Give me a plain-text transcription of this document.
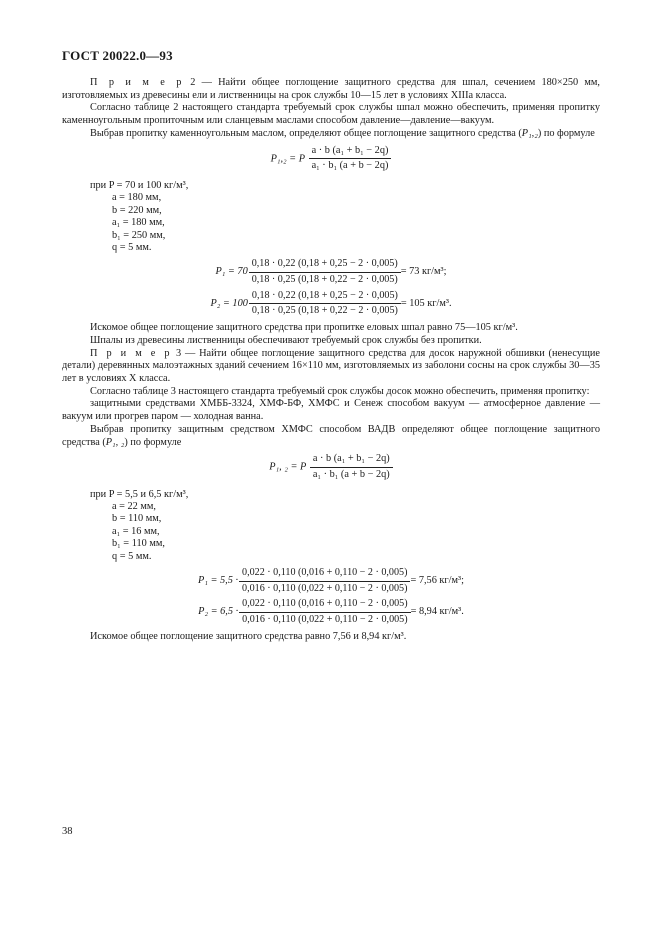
ГОСТ 20022.0—93

П р и м е р 2 — Найти общее поглощение защитного средства для шпал, сечением 180×250 мм, изготовляемых из древесины ели и лиственницы на срок службы 10—15 лет в условиях XIIIа класса.

Согласно таблице 2 настоящего стандарта требуемый срок службы шпал можно обеспечить, применяя пропитку каменноугольным пропиточным или сланцевым маслами способом давление—давление—вакуум.

Выбрав пропитку каменноугольным маслом, определяют общее поглощение защитного средства (P₁,₂) по формуле

P₁,₂ = P $\frac{\text{a · b (a₁ + b₁ − 2q)}}{\text{a₁ · b₁ (a + b − 2q)}}$
при P = 70 и 100 кг/м³,
a = 180 мм,
b = 220 мм,
a₁ = 180 мм,
b₁ = 250 мм,
q = 5 мм.
$P_1 = 70 \frac{0,18 \cdot 0,22 (0,18 + 0,25 - 2 \cdot 0,005)}{0,18 \cdot 0,25 (0,18 + 0,22 - 2 \cdot 0,005)} = 73$ кг/м³;
$P_2 = 100 \frac{0,18 \cdot 0,22 (0,18 + 0,25 - 2 \cdot 0,005)}{0,18 \cdot 0,25 (0,18 + 0,22 - 2 \cdot 0,005)} = 105$ кг/м³.

Искомое общее поглощение защитного средства при пропитке еловых шпал равно 75—105 кг/м³.

Шпалы из древесины лиственницы обеспечивают требуемый срок службы без пропитки.

П р и м е р 3 — Найти общее поглощение защитного средства для досок наружной обшивки (ненесущие детали) деревянных малоэтажных зданий сечением 16×110 мм, изготовляемых из заболони сосны на срок службы 30—35 лет в условиях X класса.

Согласно таблице 3 настоящего стандарта требуемый срок службы досок можно обеспечить, применяя пропитку:

защитными средствами ХМББ-3324, ХМФ-БФ, ХМФС и Сенеж способом вакуум — атмосферное давление — вакуум или прогрев паром — холодная ванна.

Выбрав пропитку защитным средством ХМФС способом ВАДВ определяют общее поглощение защитного средства (P₁, ₂) по формуле

P₁, ₂ = P $\frac{\text{a · b (a₁ + b₁ − 2q)}}{\text{a₁ · b₁ (a + b − 2q)}}$
при P = 5,5 и 6,5 кг/м³,
a = 22 мм,
b = 110 мм,
a₁ = 16 мм,
b₁ = 110 мм,
q = 5 мм.
$P_1 = 5,5 \cdot \frac{0,022 \cdot 0,110 (0,016 + 0,110 - 2 \cdot 0,005)}{0,016 \cdot 0,110 (0,022 + 0,110 - 2 \cdot 0,005)} = 7,56$ кг/м³;
$P_2 = 6,5 \cdot \frac{0,022 \cdot 0,110 (0,016 + 0,110 - 2 \cdot 0,005)}{0,016 \cdot 0,110 (0,022 + 0,110 - 2 \cdot 0,005)} = 8,94$ кг/м³.

Искомое общее поглощение защитного средства равно 7,56 и 8,94 кг/м³.

38
